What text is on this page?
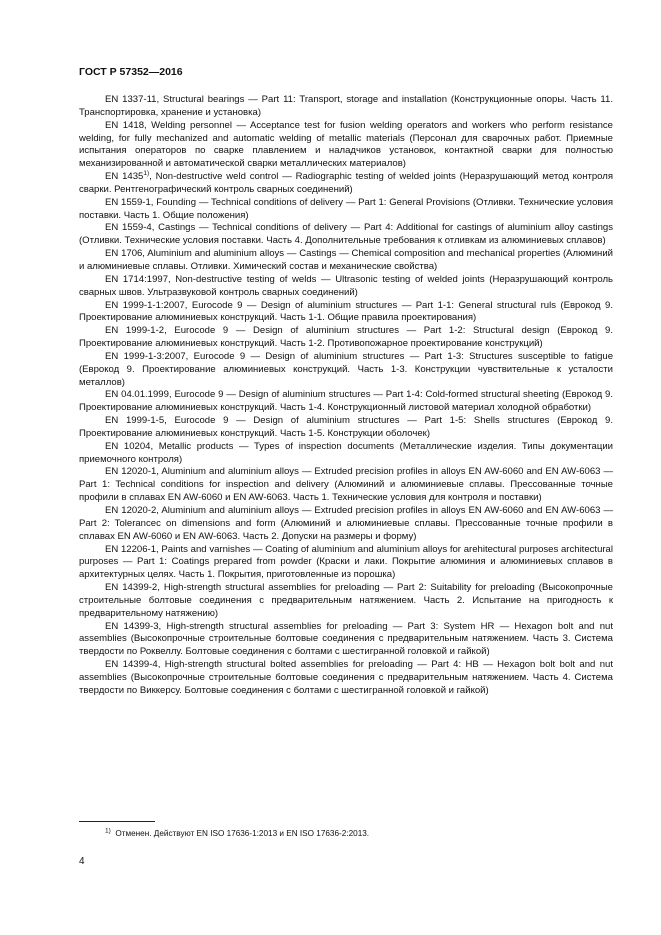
ГОСТ Р 57352—2016

EN 1337-11, Structural bearings — Part 11: Transport, storage and installation (Конструкционные опоры. Часть 11. Транспортировка, хранение и установка)

EN 1418, Welding personnel — Acceptance test for fusion welding operators and workers who perform resistance welding, for fully mechanized and automatic welding of metallic materials (Персонал для сварочных работ. Приемные испытания операторов по сварке плавлением и наладчиков установок, контактной сварки для полностью механизированной и автоматической сварки металлических материалов)

EN 1435$^{1)}$, Non-destructive weld control — Radiographic testing of welded joints (Неразрушающий метод контроля сварки. Рентгенографический контроль сварных соединений)

EN 1559-1, Founding — Technical conditions of delivery — Part 1: General Provisions (Отливки. Технические условия поставки. Часть 1. Общие положения)

EN 1559-4, Castings — Technical conditions of delivery — Part 4: Additional for castings of aluminium alloy castings (Отливки. Технические условия поставки. Часть 4. Дополнительные требования к отливкам из алюминиевых сплавов)

EN 1706, Aluminium and aluminium alloys — Castings — Chemical composition and mechanical properties (Алюминий и алюминиевые сплавы. Отливки. Химический состав и механические свойства)

EN 1714:1997, Non-destructive testing of welds — Ultrasonic testing of welded joints (Неразрушающий контроль сварных швов. Ультразвуковой контроль сварных соединений)

EN 1999-1-1:2007, Eurocode 9 — Design of aluminium structures — Part 1-1: General structural ruls (Еврокод 9. Проектирование алюминиевых конструкций. Часть 1-1. Общие правила проектирования)

EN 1999-1-2, Eurocode 9 — Design of aluminium structures — Part 1-2: Structural design (Еврокод 9. Проектирование алюминиевых конструкций. Часть 1-2. Противопожарное проектирование конструкций)

EN 1999-1-3:2007, Eurocode 9 — Design of aluminium structures — Part 1-3: Structures susceptible to fatigue (Еврокод 9. Проектирование алюминиевых конструкций. Часть 1-3. Конструкции чувствительные к усталости металлов)

EN 04.01.1999, Eurocode 9 — Design of aluminium structures — Part 1-4: Cold-formed structural sheeting (Еврокод 9. Проектирование алюминиевых конструкций. Часть 1-4. Конструкционный листовой материал холодной обработки)

EN 1999-1-5, Eurocode 9 — Design of aluminium structures — Part 1-5: Shells structures (Еврокод 9. Проектирование алюминиевых конструкций. Часть 1-5. Конструкции оболочек)

EN 10204, Metallic products — Types of inspection documents (Металлические изделия. Типы документации приемочного контроля)

EN 12020-1, Aluminium and aluminium alloys — Extruded precision profiles in alloys EN AW-6060 and EN AW-6063 — Part 1: Technical conditions for inspection and delivery (Алюминий и алюминиевые сплавы. Прессованные точные профили в сплавах EN AW-6060 и EN AW-6063. Часть 1. Технические условия для контроля и поставки)

EN 12020-2, Aluminium and aluminium alloys — Extruded precision profiles in alloys EN AW-6060 and EN AW-6063 — Part 2: Tolerancec on dimensions and form (Алюминий и алюминиевые сплавы. Прессованные точные профили в сплавах EN AW-6060 и EN AW-6063. Часть 2. Допуски на размеры и форму)

EN 12206-1, Paints and varnishes — Coating of aluminium and aluminium alloys for arehitectural purposes architectural purposes — Part 1: Coatings prepared from powder (Краски и лаки. Покрытие алюминия и алюминиевых сплавов в архитектурных целях. Часть 1. Покрытия, приготовленные из порошка)

EN 14399-2, High-strength structural assemblies for preloading — Part 2: Suitability for preloading (Высокопрочные строительные болтовые соединения с предварительным натяжением. Часть 2. Испытание на пригодность к предварительному натяжению)

EN 14399-3, High-strength structural assemblies for preloading — Part 3: System HR — Hexagon bolt and nut assemblies (Высокопрочные строительные болтовые соединения с предварительным натяжением. Часть 3. Система твердости по Роквеллу. Болтовые соединения с болтами с шестигранной головкой и гайкой)

EN 14399-4, High-strength structural bolted assemblies for preloading — Part 4: HB — Hexagon bolt bolt and nut assemblies (Высокопрочные строительные болтовые соединения с предварительным натяжением. Часть 4. Система твердости по Виккерсу. Болтовые соединения с болтами с шестигранной головкой и гайкой)

$^{1)}$ Отменен. Действуют EN ISO 17636-1:2013 и EN ISO 17636-2:2013.
4
